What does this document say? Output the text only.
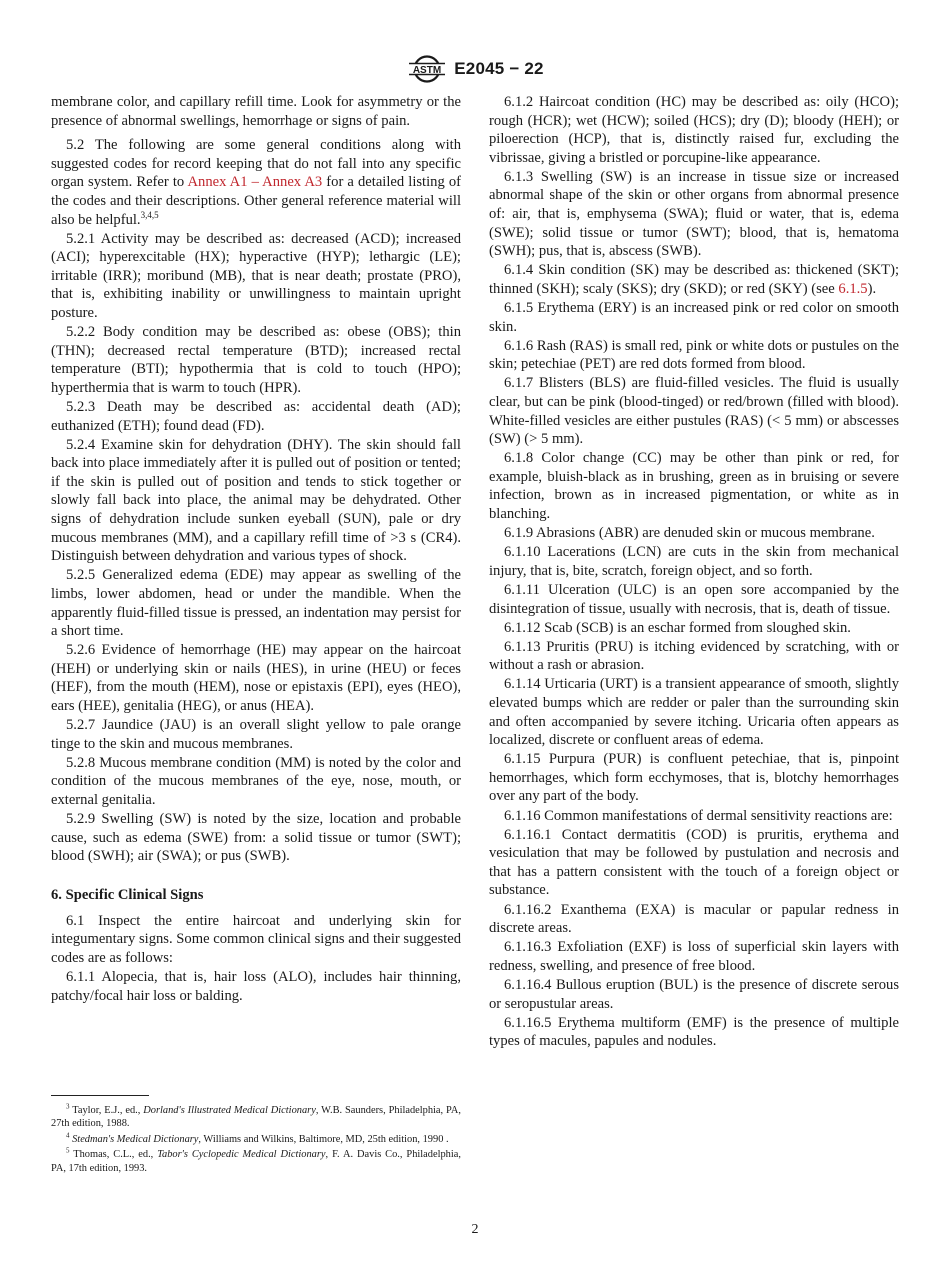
ASTM E2045 − 22

membrane color, and capillary refill time. Look for asymmetry or the presence of abnormal swellings, hemorrhage or signs of pain.

5.2 The following are some general conditions along with suggested codes for record keeping that do not fall into any specific organ system. Refer to Annex A1 – Annex A3 for a detailed listing of the codes and their descriptions. Other general reference material will also be helpful.$^{3,4,5}$

5.2.1 Activity may be described as: decreased (ACD); increased (ACI); hyperexcitable (HX); hyperactive (HYP); lethargic (LE); irritable (IRR); moribund (MB), that is near death; prostate (PRO), that is, exhibiting inability or unwillingness to maintain upright posture.

5.2.2 Body condition may be described as: obese (OBS); thin (THN); decreased rectal temperature (BTD); increased rectal temperature (BTI); hypothermia that is cold to touch (HPO); hyperthermia that is warm to touch (HPR).

5.2.3 Death may be described as: accidental death (AD); euthanized (ETH); found dead (FD).

5.2.4 Examine skin for dehydration (DHY). The skin should fall back into place immediately after it is pulled out of position or tented; if the skin is pulled out of position and tends to stick together or slowly fall back into place, the animal may be dehydrated. Other signs of dehydration include sunken eyeball (SUN), pale or dry mucous membranes (MM), and a capillary refill time of >3 s (CR4). Distinguish between dehydration and various types of shock.

5.2.5 Generalized edema (EDE) may appear as swelling of the limbs, lower abdomen, head or under the mandible. When the apparently fluid-filled tissue is pressed, an indentation may persist for a short time.

5.2.6 Evidence of hemorrhage (HE) may appear on the haircoat (HEH) or underlying skin or nails (HES), in urine (HEU) or feces (HEF), from the mouth (HEM), nose or epistaxis (EPI), eyes (HEO), ears (HEE), genitalia (HEG), or anus (HEA).

5.2.7 Jaundice (JAU) is an overall slight yellow to pale orange tinge to the skin and mucous membranes.

5.2.8 Mucous membrane condition (MM) is noted by the color and condition of the mucous membranes of the eye, nose, mouth, or external genitalia.

5.2.9 Swelling (SW) is noted by the size, location and probable cause, such as edema (SWE) from: a solid tissue or tumor (SWT); blood (SWH); air (SWA); or pus (SWB).

6. Specific Clinical Signs

6.1 Inspect the entire haircoat and underlying skin for integumentary signs. Some common clinical signs and their suggested codes are as follows:

6.1.1 Alopecia, that is, hair loss (ALO), includes hair thinning, patchy/focal hair loss or balding.

$^3$ Taylor, E.J., ed., Dorland's Illustrated Medical Dictionary, W.B. Saunders, Philadelphia, PA, 27th edition, 1988.

$^4$ Stedman's Medical Dictionary, Williams and Wilkins, Baltimore, MD, 25th edition, 1990 .

$^5$ Thomas, C.L., ed., Tabor's Cyclopedic Medical Dictionary, F. A. Davis Co., Philadelphia, PA, 17th edition, 1993.

6.1.2 Haircoat condition (HC) may be described as: oily (HCO); rough (HCR); wet (HCW); soiled (HCS); dry (D); bloody (HEH); or piloerection (HCP), that is, distinctly raised fur, excluding the vibrissae, giving a bristled or porcupine-like appearance.

6.1.3 Swelling (SW) is an increase in tissue size or increased abnormal shape of the skin or other organs from abnormal presence of: air, that is, emphysema (SWA); fluid or water, that is, edema (SWE); solid tissue or tumor (SWT); blood, that is, hematoma (SWH); pus, that is, abscess (SWB).

6.1.4 Skin condition (SK) may be described as: thickened (SKT); thinned (SKH); scaly (SKS); dry (SKD); or red (SKY) (see 6.1.5).

6.1.5 Erythema (ERY) is an increased pink or red color on smooth skin.

6.1.6 Rash (RAS) is small red, pink or white dots or pustules on the skin; petechiae (PET) are red dots formed from blood.

6.1.7 Blisters (BLS) are fluid-filled vesicles. The fluid is usually clear, but can be pink (blood-tinged) or red/brown (filled with blood). White-filled vesicles are either pustules (RAS) (< 5 mm) or abscesses (SW) (> 5 mm).

6.1.8 Color change (CC) may be other than pink or red, for example, bluish-black as in brushing, green as in bruising or severe infection, brown as in increased pigmentation, or white as in blanching.

6.1.9 Abrasions (ABR) are denuded skin or mucous membrane.

6.1.10 Lacerations (LCN) are cuts in the skin from mechanical injury, that is, bite, scratch, foreign object, and so forth.

6.1.11 Ulceration (ULC) is an open sore accompanied by the disintegration of tissue, usually with necrosis, that is, death of tissue.

6.1.12 Scab (SCB) is an eschar formed from sloughed skin.

6.1.13 Pruritis (PRU) is itching evidenced by scratching, with or without a rash or abrasion.

6.1.14 Urticaria (URT) is a transient appearance of smooth, slightly elevated bumps which are redder or paler than the surrounding skin and often accompanied by severe itching. Uricaria often appears as localized, discrete or confluent areas of edema.

6.1.15 Purpura (PUR) is confluent petechiae, that is, pinpoint hemorrhages, which form ecchymoses, that is, blotchy hemorrhages over any part of the body.

6.1.16 Common manifestations of dermal sensitivity reactions are:

6.1.16.1 Contact dermatitis (COD) is pruritis, erythema and vesiculation that may be followed by pustulation and necrosis and that has a pattern consistent with the touch of a foreign object or substance.

6.1.16.2 Exanthema (EXA) is macular or papular redness in discrete areas.

6.1.16.3 Exfoliation (EXF) is loss of superficial skin layers with redness, swelling, and presence of free blood.

6.1.16.4 Bullous eruption (BUL) is the presence of discrete serous or seropustular areas.

6.1.16.5 Erythema multiform (EMF) is the presence of multiple types of macules, papules and nodules.

2
